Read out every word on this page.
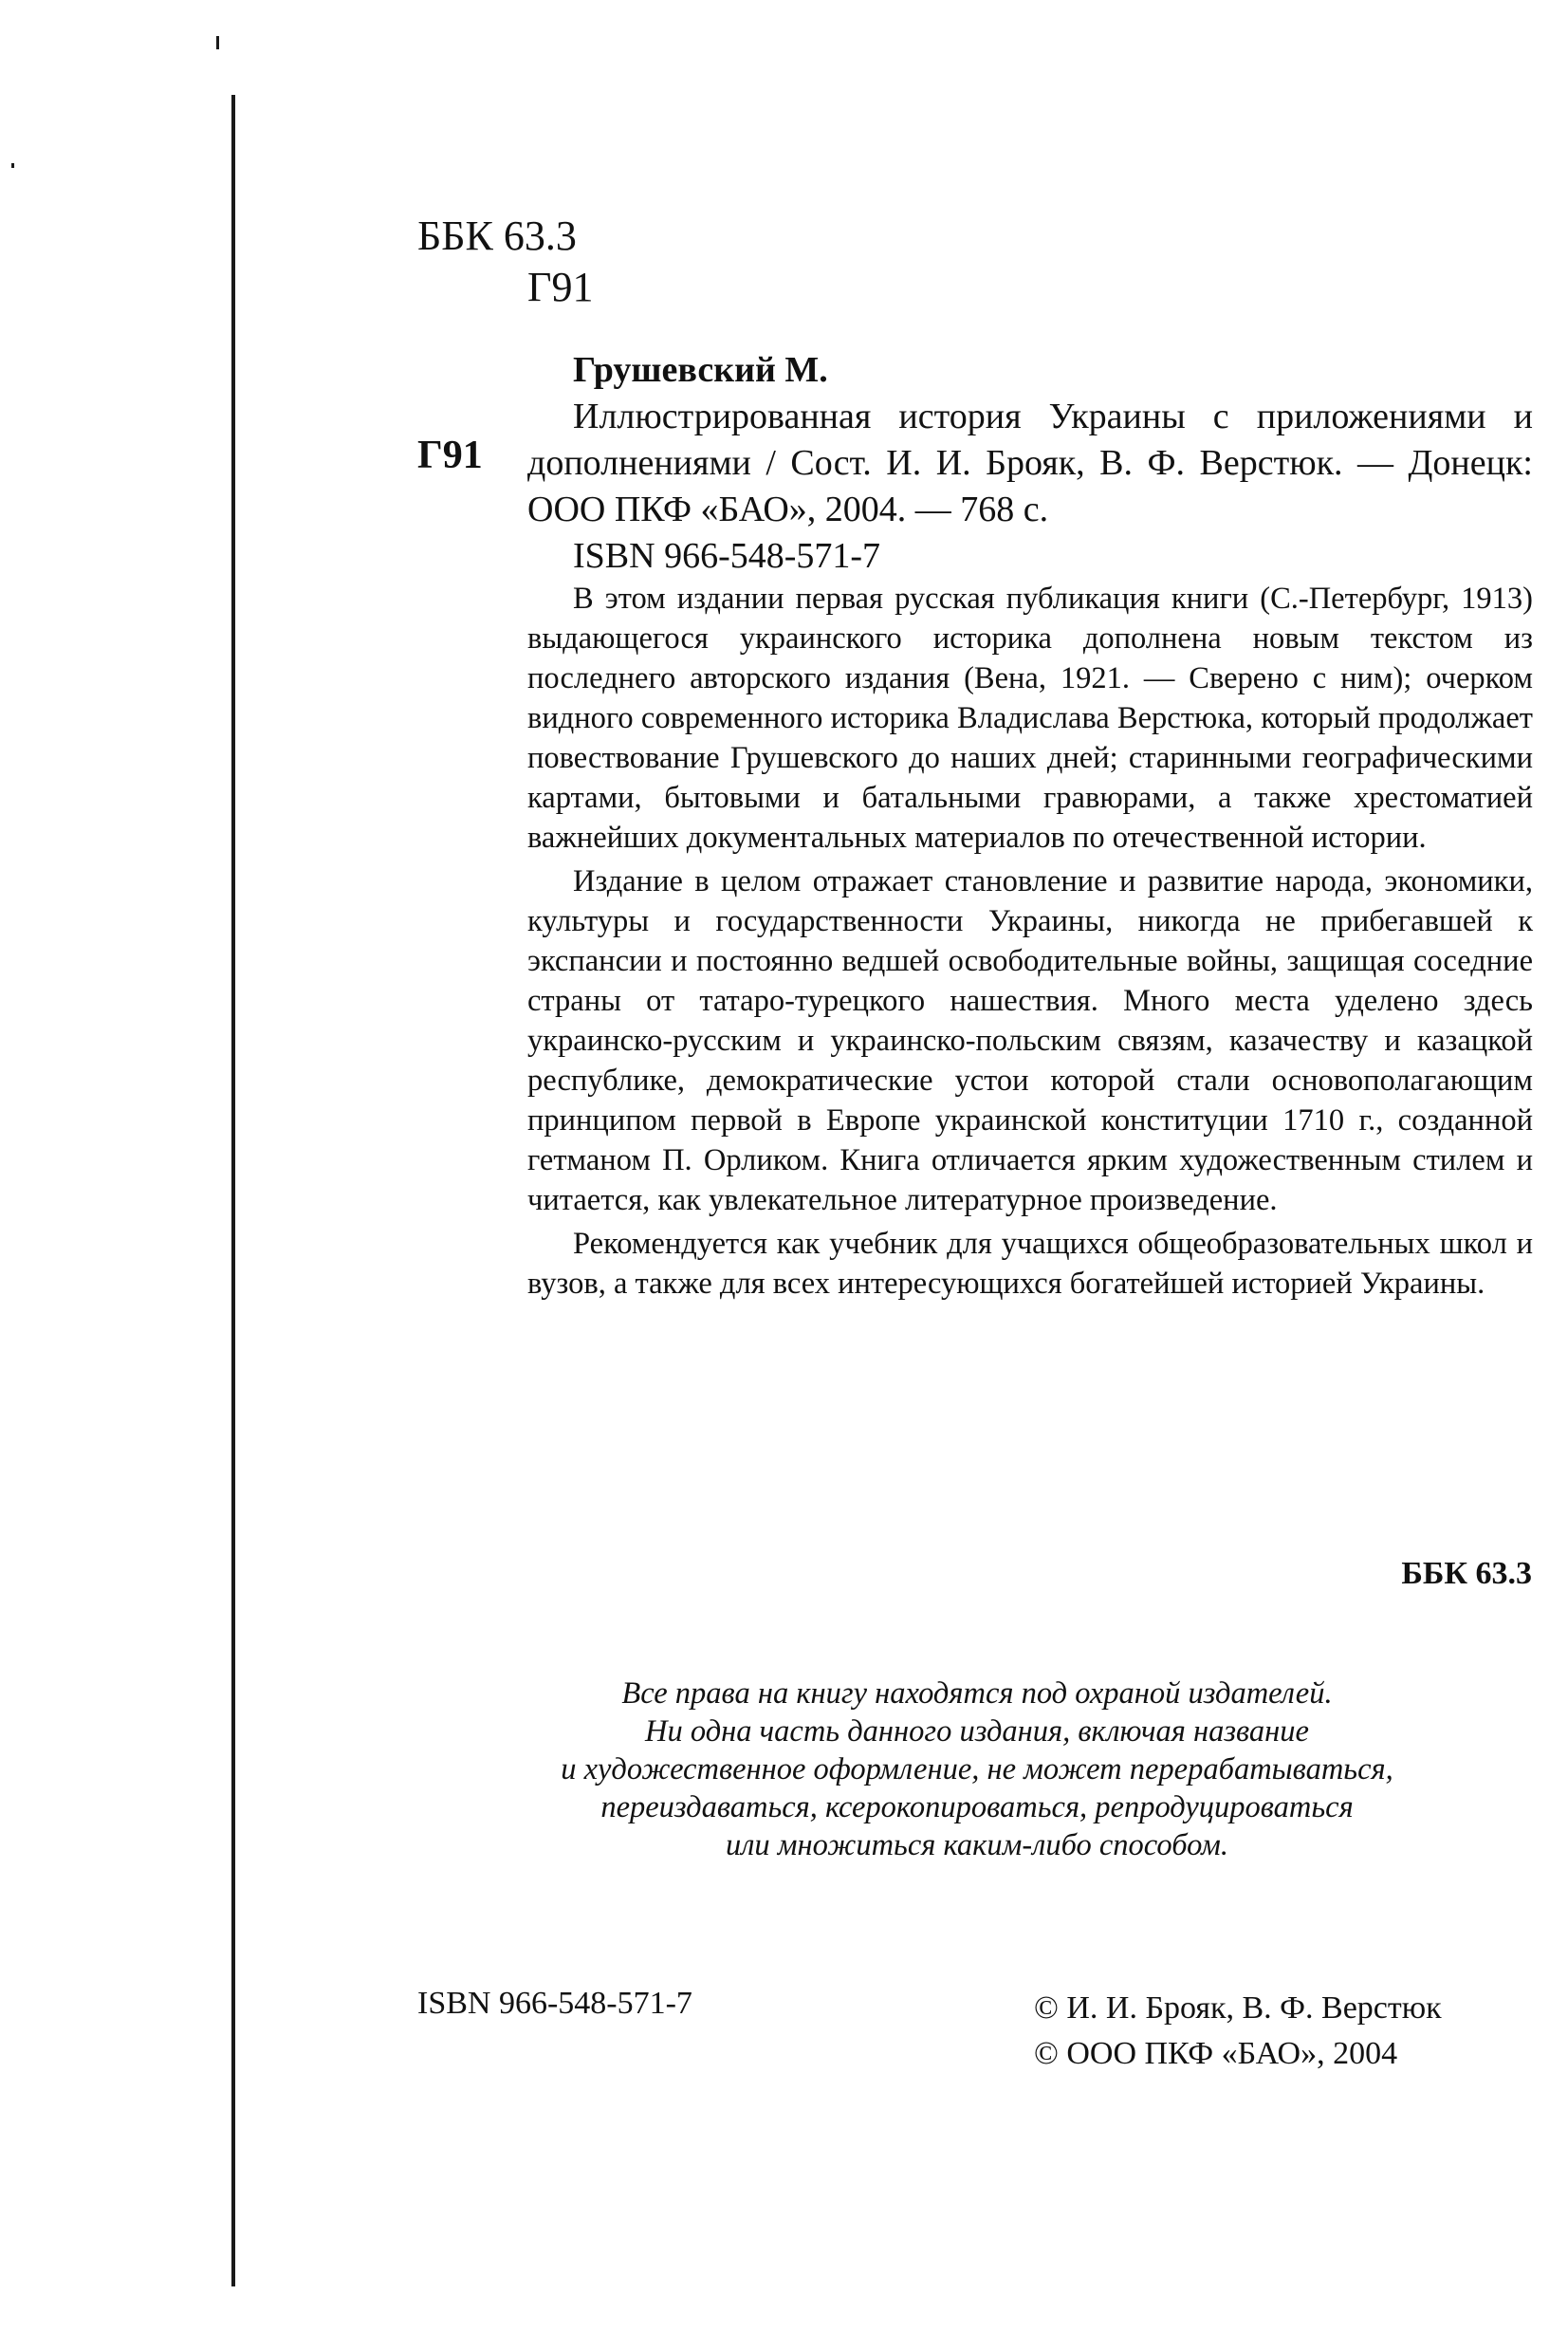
ББК 63.3
Г91
Г91

Грушевский М.

Иллюстрированная история Украины с приложениями и дополнениями / Сост. И. И. Брояк, В. Ф. Верстюк. — Донецк: ООО ПКФ «БАО», 2004. — 768 с.

ISBN 966-548-571-7

В этом издании первая русская публикация книги (С.-Петербург, 1913) выдающегося украинского историка дополнена новым текстом из последнего авторского издания (Вена, 1921. — Сверено с ним); очерком видного современного историка Владислава Верстюка, который продолжает повествование Грушевского до наших дней; старинными географическими картами, бытовыми и батальными гравюрами, а также хрестоматией важнейших документальных материалов по отечественной истории.

Издание в целом отражает становление и развитие народа, экономики, культуры и государственности Украины, никогда не прибегавшей к экспансии и постоянно ведшей освободительные войны, защищая соседние страны от татаро-турецкого нашествия. Много места уделено здесь украинско-русским и украинско-польским связям, казачеству и казацкой республике, демократические устои которой стали основополагающим принципом первой в Европе украинской конституции 1710 г., созданной гетманом П. Орликом. Книга отличается ярким художественным стилем и читается, как увлекательное литературное произведение.

Рекомендуется как учебник для учащихся общеобразовательных школ и вузов, а также для всех интересующихся богатейшей историей Украины.

ББК 63.3
Все права на книгу находятся под охраной издателей.
Ни одна часть данного издания, включая название
и художественное оформление, не может перерабатываться,
переиздаваться, ксерокопироваться, репродуцироваться
или множиться каким-либо способом.
ISBN 966-548-571-7	© И. И. Брояк, В. Ф. Верстюк
© ООО ПКФ «БАО», 2004
